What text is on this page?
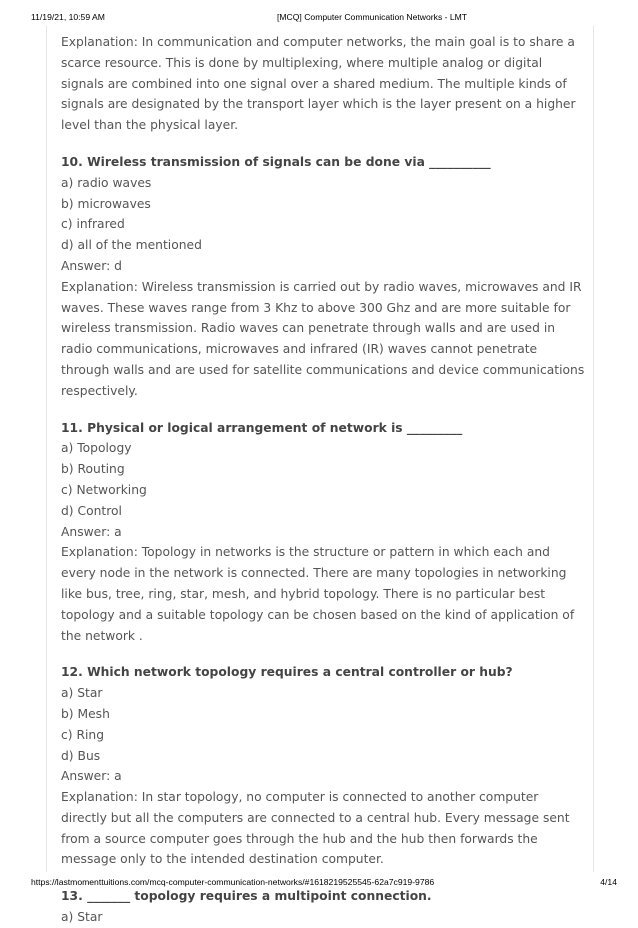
11/19/21, 10:59 AM	[MCQ] Computer Communication Networks - LMT

Explanation: In communication and computer networks, the main goal is to share a scarce resource. This is done by multiplexing, where multiple analog or digital signals are combined into one signal over a shared medium. The multiple kinds of signals are designated by the transport layer which is the layer present on a higher level than the physical layer.

10. Wireless transmission of signals can be done via __________

a) radio waves

b) microwaves

c) infrared

d) all of the mentioned

Answer: d

Explanation: Wireless transmission is carried out by radio waves, microwaves and IR waves. These waves range from 3 Khz to above 300 Ghz and are more suitable for wireless transmission. Radio waves can penetrate through walls and are used in radio communications, microwaves and infrared (IR) waves cannot penetrate through walls and are used for satellite communications and device communications respectively.

11. Physical or logical arrangement of network is _________

a) Topology

b) Routing

c) Networking

d) Control

Answer: a

Explanation: Topology in networks is the structure or pattern in which each and every node in the network is connected. There are many topologies in networking like bus, tree, ring, star, mesh, and hybrid topology. There is no particular best topology and a suitable topology can be chosen based on the kind of application of the network .

12. Which network topology requires a central controller or hub?

a) Star

b) Mesh

c) Ring

d) Bus

Answer: a

Explanation: In star topology, no computer is connected to another computer directly but all the computers are connected to a central hub. Every message sent from a source computer goes through the hub and the hub then forwards the message only to the intended destination computer.

13. _______ topology requires a multipoint connection.

a) Star

https://lastmomenttuitions.com/mcq-computer-communication-networks/#1618219525545-62a7c919-9786	4/14
